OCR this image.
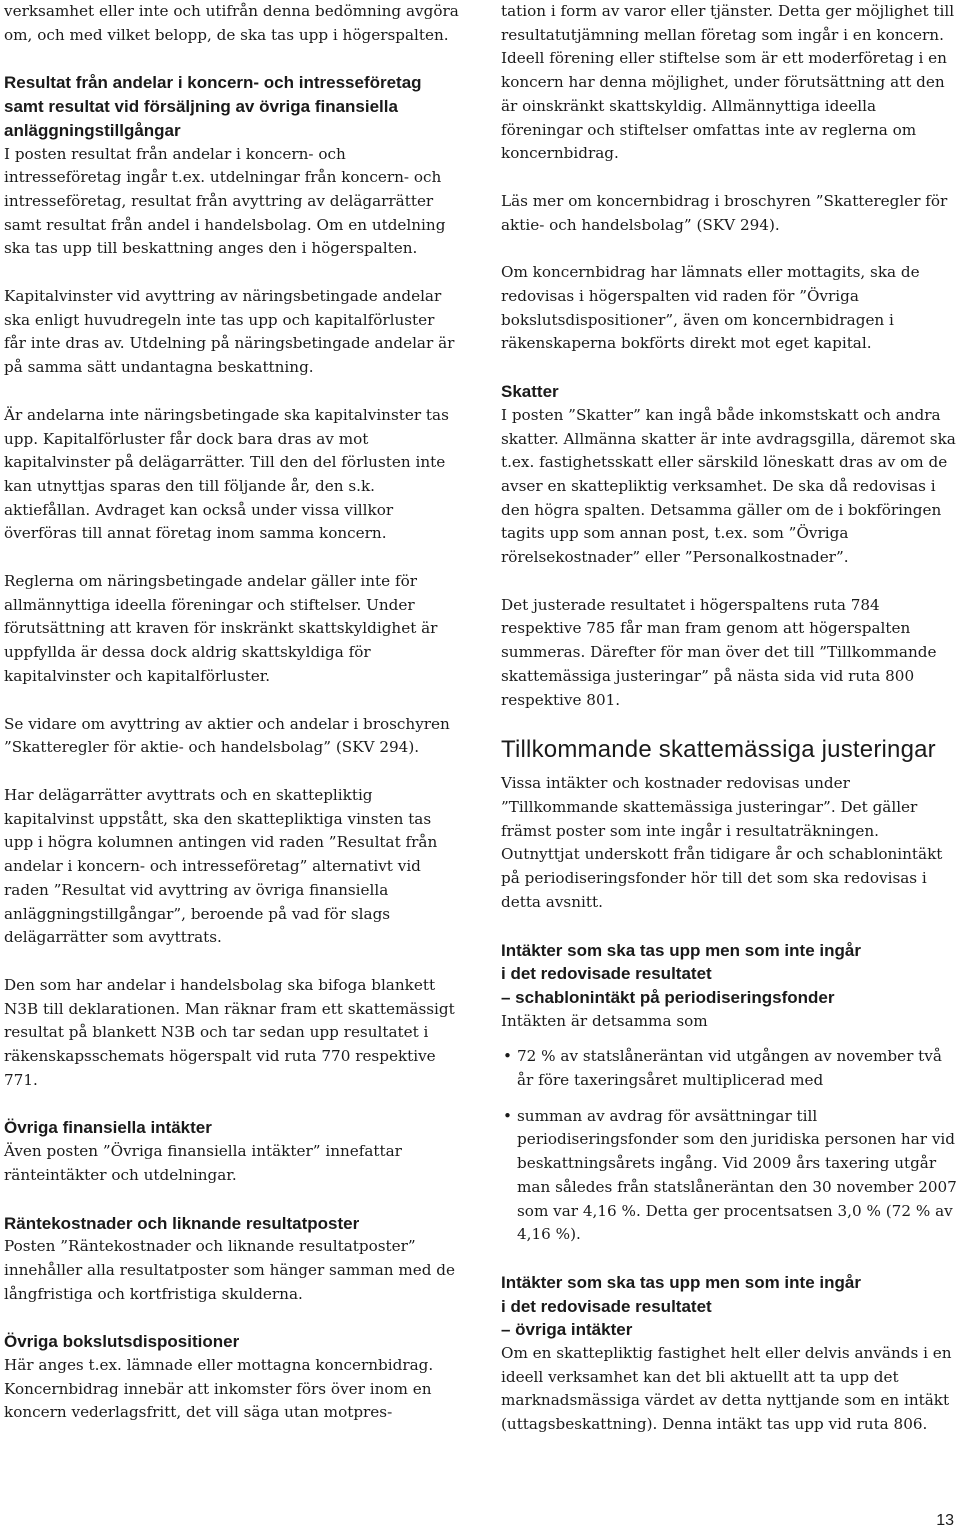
verksamhet eller inte och utifrån denna bedömning avgöra om, och med vilket belopp, de ska tas upp i högerspalten.

Resultat från andelar i koncern- och intresseföretag samt resultat vid försäljning av övriga finansiella anläggningstillgångar

I posten resultat från andelar i koncern- och intresseföretag ingår t.ex. utdelningar från koncern- och intresseföretag, resultat från avyttring av delägarrätter samt resultat från andel i handelsbolag. Om en utdelning ska tas upp till beskattning anges den i högerspalten.

Kapitalvinster vid avyttring av näringsbetingade andelar ska enligt huvudregeln inte tas upp och kapitalförluster får inte dras av. Utdelning på näringsbetingade andelar är på samma sätt undantagna beskattning.

Är andelarna inte näringsbetingade ska kapitalvinster tas upp. Kapitalförluster får dock bara dras av mot kapitalvinster på delägarrätter. Till den del förlusten inte kan utnyttjas sparas den till följande år, den s.k. aktiefållan. Avdraget kan också under vissa villkor överföras till annat företag inom samma koncern.

Reglerna om näringsbetingade andelar gäller inte för allmännyttiga ideella föreningar och stiftelser. Under förutsättning att kraven för inskränkt skattskyldighet är uppfyllda är dessa dock aldrig skattskyldiga för kapitalvinster och kapitalförluster.

Se vidare om avyttring av aktier och andelar i broschyren ”Skatteregler för aktie- och handelsbolag” (SKV 294).

Har delägarrätter avyttrats och en skattepliktig kapitalvinst uppstått, ska den skattepliktiga vinsten tas upp i högra kolumnen antingen vid raden ”Resultat från andelar i koncern- och intresseföretag” alternativt vid raden ”Resultat vid avyttring av övriga finansiella anläggningstillgångar”, beroende på vad för slags delägarrätter som avyttrats.

Den som har andelar i handelsbolag ska bifoga blankett N3B till deklarationen. Man räknar fram ett skattemässigt resultat på blankett N3B och tar sedan upp resultatet i räkenskapsschemats högerspalt vid ruta 770 respektive 771.

Övriga finansiella intäkter

Även posten ”Övriga finansiella intäkter” innefattar ränteintäkter och utdelningar.

Räntekostnader och liknande resultatposter

Posten ”Räntekostnader och liknande resultatposter” innehåller alla resultatposter som hänger samman med de långfristiga och kortfristiga skulderna.

Övriga bokslutsdispositioner

Här anges t.ex. lämnade eller mottagna koncernbidrag. Koncernbidrag innebär att inkomster förs över inom en koncern vederlagsfritt, det vill säga utan motpres-

tation i form av varor eller tjänster. Detta ger möjlighet till resultatutjämning mellan företag som ingår i en koncern. Ideell förening eller stiftelse som är ett moderföretag i en koncern har denna möjlighet, under förutsättning att den är oinskränkt skattskyldig. Allmännyttiga ideella föreningar och stiftelser omfattas inte av reglerna om koncernbidrag.

Läs mer om koncernbidrag i broschyren ”Skatteregler för aktie- och handelsbolag” (SKV 294).

Om koncernbidrag har lämnats eller mottagits, ska de redovisas i högerspalten vid raden för ”Övriga bokslutsdispositioner”, även om koncernbidragen i räkenskaperna bokförts direkt mot eget kapital.

Skatter

I posten ”Skatter” kan ingå både inkomstskatt och andra skatter. Allmänna skatter är inte avdragsgilla, däremot ska t.ex. fastighetsskatt eller särskild löneskatt dras av om de avser en skattepliktig verksamhet. De ska då redovisas i den högra spalten. Detsamma gäller om de i bokföringen tagits upp som annan post, t.ex. som ”Övriga rörelsekostnader” eller ”Personalkostnader”.

Det justerade resultatet i högerspaltens ruta 784 respektive 785 får man fram genom att högerspalten summeras. Därefter för man över det till ”Tillkommande skattemässiga justeringar” på nästa sida vid ruta 800 respektive 801.

Tillkommande skattemässiga justeringar

Vissa intäkter och kostnader redovisas under ”Tillkommande skattemässiga justeringar”. Det gäller främst poster som inte ingår i resultaträkningen. Outnyttjat underskott från tidigare år och schablonintäkt på periodiseringsfonder hör till det som ska redovisas i detta avsnitt.

Intäkter som ska tas upp men som inte ingår
i det redovisade resultatet
– schablonintäkt på periodiseringsfonder

Intäkten är detsamma som

• 72 % av statslåneräntan vid utgången av november två år före taxeringsåret multiplicerad med
• summan av avdrag för avsättningar till periodiseringsfonder som den juridiska personen har vid beskattningsårets ingång. Vid 2009 års taxering utgår man således från statslåneräntan den 30 november 2007 som var 4,16 %. Detta ger procentsatsen 3,0 % (72 % av 4,16 %).
Intäkter som ska tas upp men som inte ingår
i det redovisade resultatet
– övriga intäkter

Om en skattepliktig fastighet helt eller delvis används i en ideell verksamhet kan det bli aktuellt att ta upp det marknadsmässiga värdet av detta nyttjande som en intäkt (uttagsbeskattning). Denna intäkt tas upp vid ruta 806.

13
